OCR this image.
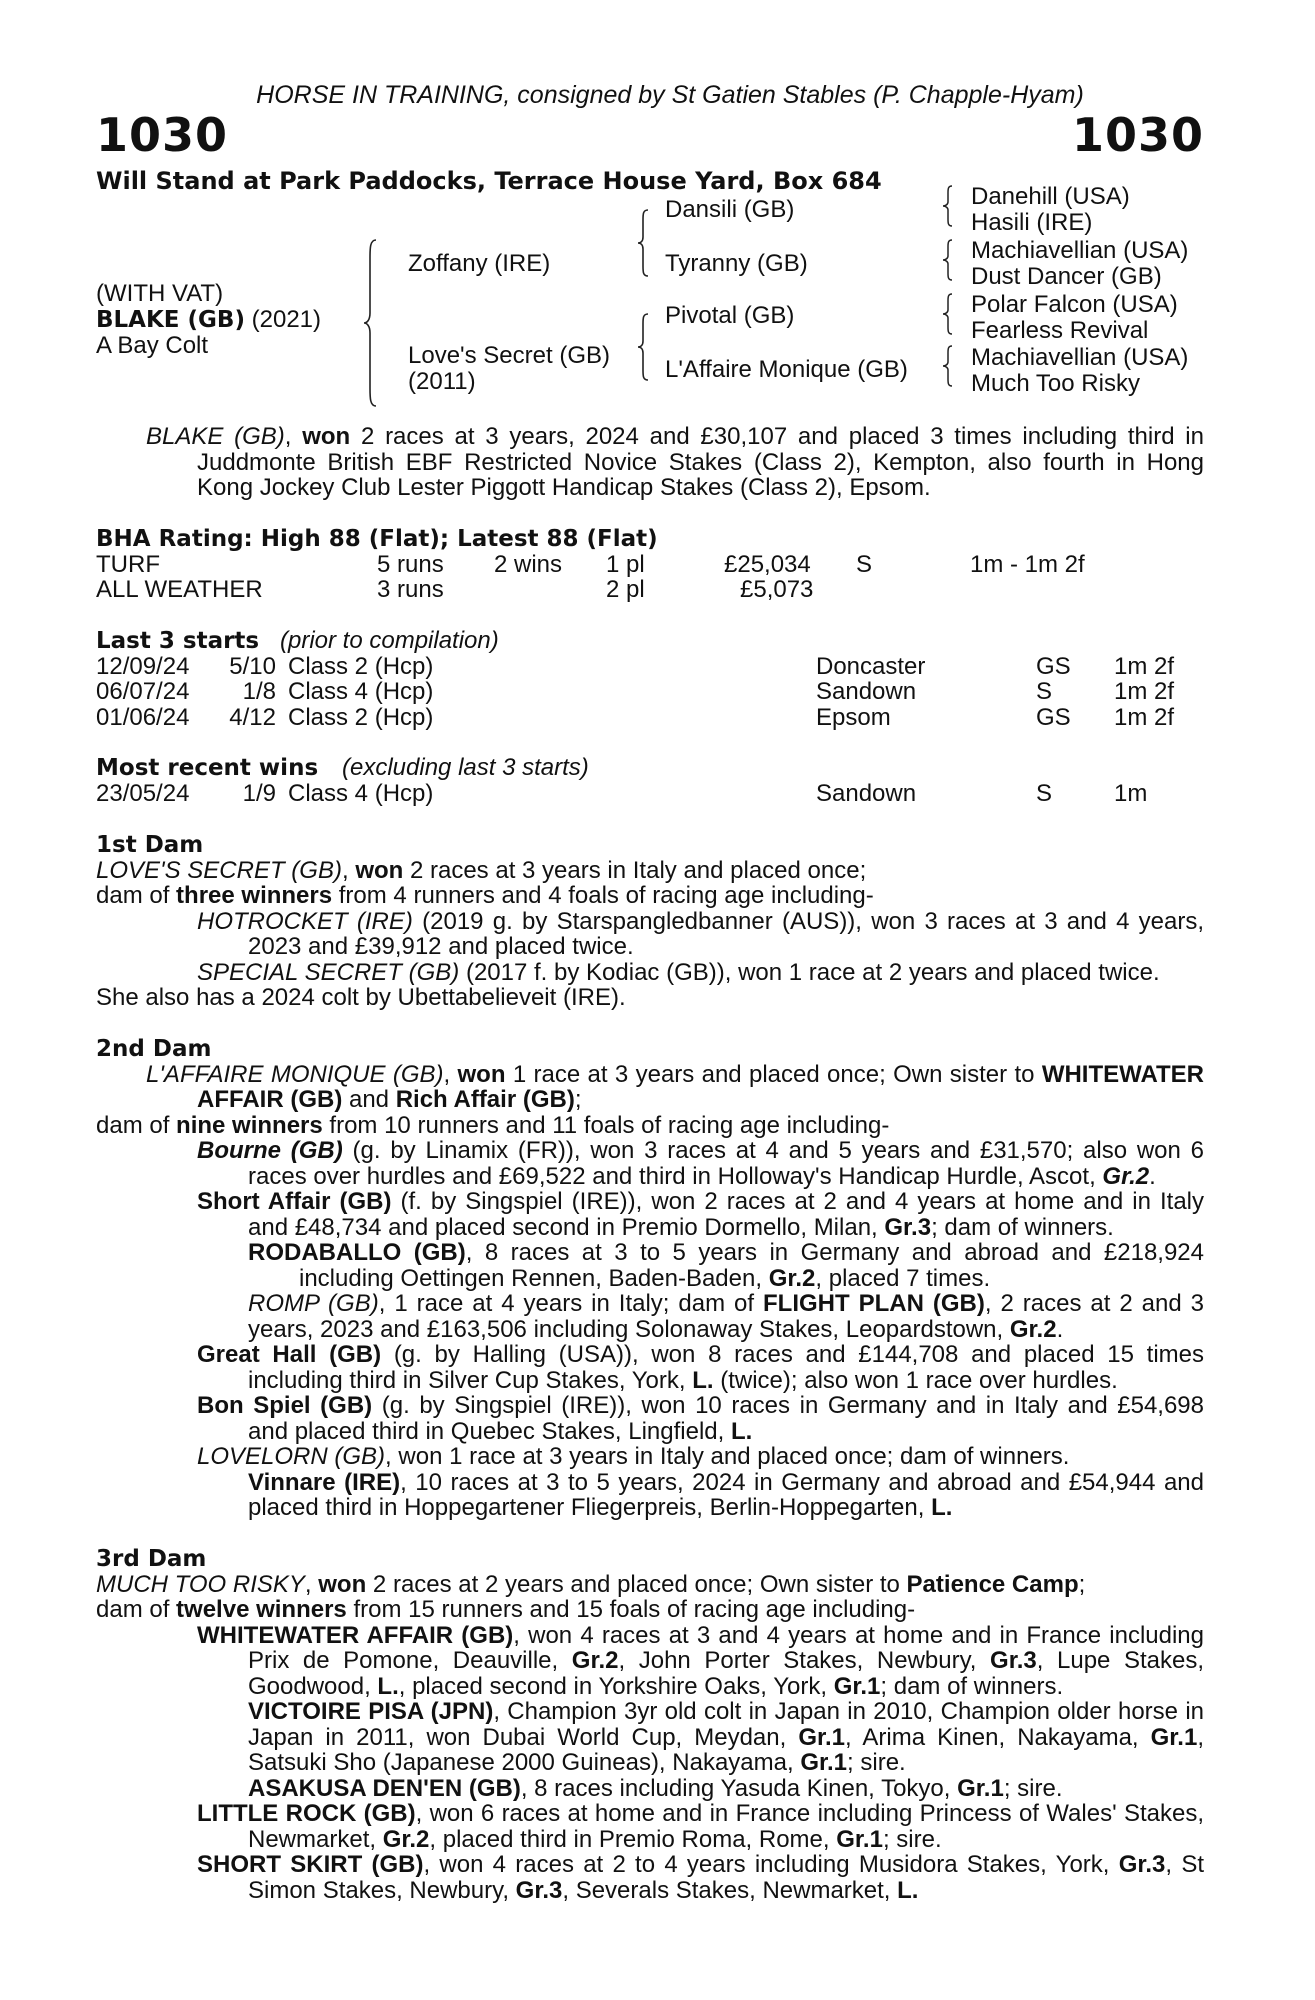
HORSE IN TRAINING, consigned by St Gatien Stables (P. Chapple-Hyam)
1030	1030
Will Stand at Park Paddocks, Terrace House Yard, Box 684
(WITH VAT)
BLAKE (GB) (2021)
A Bay Colt
Zoffany (IRE)
Love's Secret (GB)
(2011)
Dansili (GB)
Tyranny (GB)
Pivotal (GB)
L'Affaire Monique (GB)
Danehill (USA)
Hasili (IRE)
Machiavellian (USA)
Dust Dancer (GB)
Polar Falcon (USA)
Fearless Revival
Machiavellian (USA)
Much Too Risky
BLAKE (GB), won 2 races at 3 years, 2024 and £30,107 and placed 3 times including third in Juddmonte British EBF Restricted Novice Stakes (Class 2), Kempton, also fourth in Hong Kong Jockey Club Lester Piggott Handicap Stakes (Class 2), Epsom.
BHA Rating: High 88 (Flat); Latest 88 (Flat)
TURF	5 runs 2 wins 1 pl	£25,034 S	1m - 1m 2f
ALL WEATHER	3 runs	2 pl	£5,073
Last 3 starts (prior to compilation)
12/09/24	5/10 Class 2 (Hcp)	Doncaster	GS 1m 2f
06/07/24	1/8 Class 4 (Hcp)	Sandown	S	1m 2f
01/06/24	4/12 Class 2 (Hcp)	Epsom	GS 1m 2f
Most recent wins (excluding last 3 starts)
23/05/24	1/9 Class 4 (Hcp)	Sandown	S	1m
1st Dam
LOVE'S SECRET (GB), won 2 races at 3 years in Italy and placed once;
dam of three winners from 4 runners and 4 foals of racing age including-
HOTROCKET (IRE) (2019 g. by Starspangledbanner (AUS)), won 3 races at 3 and 4 years, 2023 and £39,912 and placed twice.
SPECIAL SECRET (GB) (2017 f. by Kodiac (GB)), won 1 race at 2 years and placed twice.
She also has a 2024 colt by Ubettabelieveit (IRE).
2nd Dam
L'AFFAIRE MONIQUE (GB), won 1 race at 3 years and placed once; Own sister to WHITEWATER AFFAIR (GB) and Rich Affair (GB);
dam of nine winners from 10 runners and 11 foals of racing age including-
Bourne (GB) (g. by Linamix (FR)), won 3 races at 4 and 5 years and £31,570; also won 6 races over hurdles and £69,522 and third in Holloway's Handicap Hurdle, Ascot, Gr.2.
Short Affair (GB) (f. by Singspiel (IRE)), won 2 races at 2 and 4 years at home and in Italy and £48,734 and placed second in Premio Dormello, Milan, Gr.3; dam of winners.
RODABALLO (GB), 8 races at 3 to 5 years in Germany and abroad and £218,924 including Oettingen Rennen, Baden-Baden, Gr.2, placed 7 times.
ROMP (GB), 1 race at 4 years in Italy; dam of FLIGHT PLAN (GB), 2 races at 2 and 3 years, 2023 and £163,506 including Solonaway Stakes, Leopardstown, Gr.2.
Great Hall (GB) (g. by Halling (USA)), won 8 races and £144,708 and placed 15 times including third in Silver Cup Stakes, York, L. (twice); also won 1 race over hurdles.
Bon Spiel (GB) (g. by Singspiel (IRE)), won 10 races in Germany and in Italy and £54,698 and placed third in Quebec Stakes, Lingfield, L.
LOVELORN (GB), won 1 race at 3 years in Italy and placed once; dam of winners.
Vinnare (IRE), 10 races at 3 to 5 years, 2024 in Germany and abroad and £54,944 and placed third in Hoppegartener Fliegerpreis, Berlin-Hoppegarten, L.
3rd Dam
MUCH TOO RISKY, won 2 races at 2 years and placed once; Own sister to Patience Camp;
dam of twelve winners from 15 runners and 15 foals of racing age including-
WHITEWATER AFFAIR (GB), won 4 races at 3 and 4 years at home and in France including Prix de Pomone, Deauville, Gr.2, John Porter Stakes, Newbury, Gr.3, Lupe Stakes, Goodwood, L., placed second in Yorkshire Oaks, York, Gr.1; dam of winners.
VICTOIRE PISA (JPN), Champion 3yr old colt in Japan in 2010, Champion older horse in Japan in 2011, won Dubai World Cup, Meydan, Gr.1, Arima Kinen, Nakayama, Gr.1, Satsuki Sho (Japanese 2000 Guineas), Nakayama, Gr.1; sire.
ASAKUSA DEN'EN (GB), 8 races including Yasuda Kinen, Tokyo, Gr.1; sire.
LITTLE ROCK (GB), won 6 races at home and in France including Princess of Wales' Stakes, Newmarket, Gr.2, placed third in Premio Roma, Rome, Gr.1; sire.
SHORT SKIRT (GB), won 4 races at 2 to 4 years including Musidora Stakes, York, Gr.3, St Simon Stakes, Newbury, Gr.3, Severals Stakes, Newmarket, L.
